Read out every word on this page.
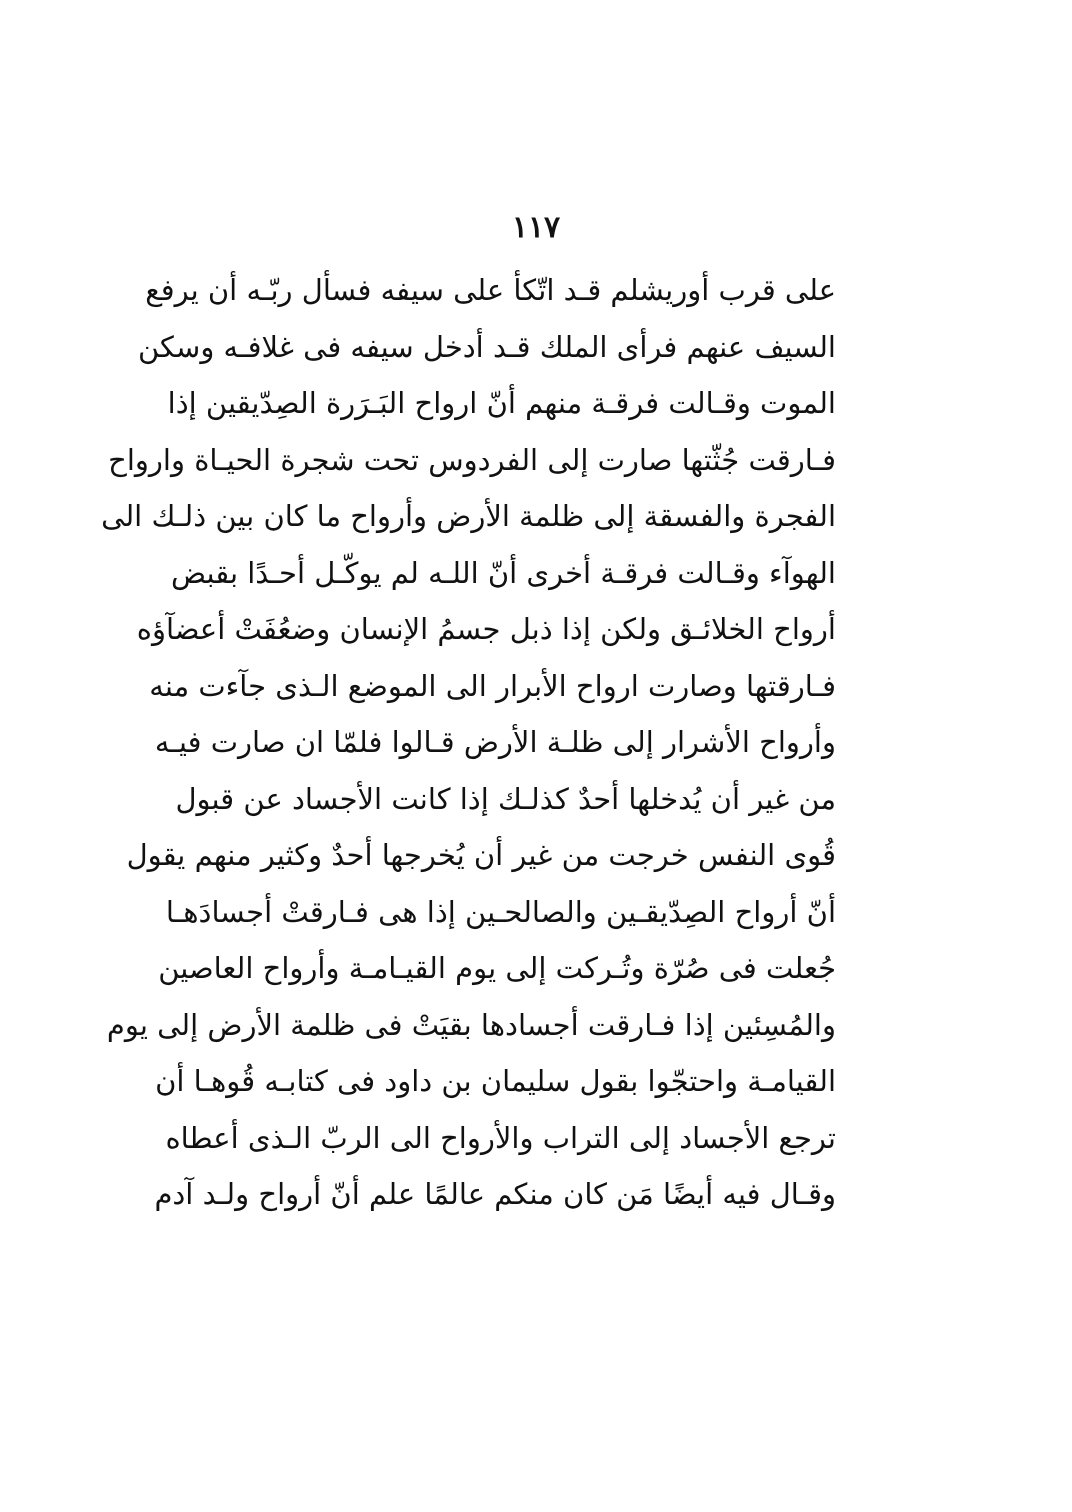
١١٧
على قرب أوريشلم قـد اتّكأ على سيفه فسأل ربّـه أن يرفع
السيف عنهم فرأى الملك قـد أدخل سيفه فى غلافـه وسكن
الموت وقـالت فرقـة منهم أنّ ارواح البَـرَرة الصِدّيقين إذا
فـارقت جُثّتها صارت إلى الفردوس تحت شجرة الحيـاة وارواح
الفجرة والفسقة إلى ظلمة الأرض وأرواح ما كان بين ذلـك الى
الهوآء وقـالت فرقـة أخرى أنّ اللـه لم يوكّـل أحـدًا بقبض
أرواح الخلائـق ولكن إذا ذبل جسمُ الإنسان وضعُفَتْ أعضآؤه
فـارقتها وصارت ارواح الأبرار الى الموضع الـذى جآءت منه
وأرواح الأشرار إلى ظلـة الأرض قـالوا فلمّا ان صارت فيـه
من غير أن يُدخلها أحدٌ كذلـك إذا كانت الأجساد عن قبول
قُوى النفس خرجت من غير أن يُخرجها أحدٌ وكثير منهم يقول
أنّ أرواح الصِدّيقـين والصالحـين إذا هى فـارقتْ أجسادَهـا
جُعلت فى صُرّة وتُـركت إلى يوم القيـامـة وأرواح العاصين
والمُسِئين إذا فـارقت أجسادها بقيَتْ فى ظلمة الأرض إلى يوم
القيامـة واحتجّوا بقول سليمان بن داود فى كتابـه قُوهـا أن
ترجع الأجساد إلى التراب والأرواح الى الربّ الـذى أعطاه
وقـال فيه أيضًا مَن كان منكم عالمًا علم أنّ أرواح ولـد آدم
